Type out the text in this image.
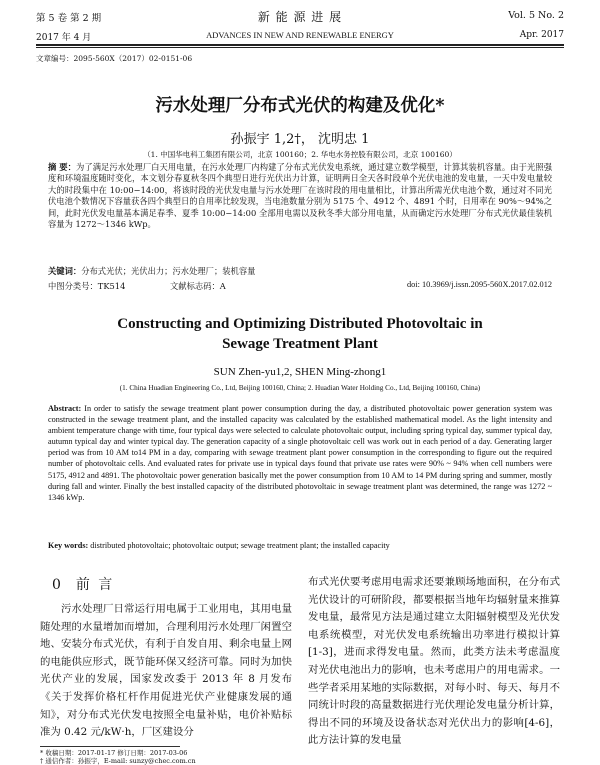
第 5 卷 第 2 期	新 能 源 进 展	Vol. 5 No. 2
2017 年 4 月	ADVANCES IN NEW AND RENEWABLE ENERGY	Apr. 2017
文章编号：2095-560X（2017）02-0151-06
污水处理厂分布式光伏的构建及优化*
孙振宇 1,2†， 沈明忠 1
（1. 中国华电科工集团有限公司，北京 100160；2. 华电水务控股有限公司，北京 100160）
摘 要：为了满足污水处理厂白天用电量，在污水处理厂内构建了分布式光伏发电系统，通过建立数学模型，计算其装机容量。由于光照强度和环境温度随时变化，本文划分春夏秋冬四个典型日进行光伏出力计算，证明两日全天各时段单个光伏电池的发电量，一天中发电量较大的时段集中在 10:00−14:00，将该时段的光伏发电量与污水处理厂在该时段的用电量相比，计算出所需光伏电池个数，通过对不同光伏电池个数情况下容量获各四个典型日的自用率比较发现，当电池数量分别为 5175 个、4912 个、4891 个时，日用率在 90%～94%之间，此时光伏发电量基本满足春季、夏季 10:00−14:00 全部用电需以及秋冬季大部分用电量，从而确定污水处理厂分布式光伏最佳装机容量为 1272～1346 kWp。
关键词：分布式光伏；光伏出力；污水处理厂；装机容量
中图分类号：TK514	文献标志码：A	doi: 10.3969/j.issn.2095-560X.2017.02.012
Constructing and Optimizing Distributed Photovoltaic in
Sewage Treatment Plant
SUN Zhen-yu1,2, SHEN Ming-zhong1
(1. China Huadian Engineering Co., Ltd, Beijing 100160, China; 2. Huadian Water Holding Co., Ltd, Beijing 100160, China)
Abstract: In order to satisfy the sewage treatment plant power consumption during the day, a distributed photovoltaic power generation system was constructed in the sewage treatment plant, and the installed capacity was calculated by the established mathematical model. As the light intensity and ambient temperature change with time, four typical days were selected to calculate photovoltaic output, including spring typical day, summer typical day, autumn typical day and winter typical day. The generation capacity of a single photovoltaic cell was work out in each period of a day. Generating larger period was from 10 AM to14 PM in a day, comparing with sewage treatment plant power consumption in the corresponding to figure out the required number of photovoltaic cells. And evaluated rates for private use in typical days found that private use rates were 90% ~ 94% when cell numbers were 5175, 4912 and 4891. The photovoltaic power generation basically met the power consumption from 10 AM to 14 PM during spring and summer, mostly during fall and winter. Finally the best installed capacity of the distributed photovoltaic in sewage treatment plant was determined, the range was 1272 ~ 1346 kWp.
Key words: distributed photovoltaic; photovoltaic output; sewage treatment plant; the installed capacity
0 前 言
污水处理厂日常运行用电属于工业用电，其用电量随处理的水量增加而增加，合理利用污水处理厂闲置空地、安装分布式光伏，有利于自发自用、剩余电量上网的电能供应形式，既节能环保又经济可靠。同时为加快光伏产业的发展，国家发改委于 2013 年 8 月发布《关于发挥价格杠杆作用促进光伏产业健康发展的通知》，对分布式光伏发电按照全电量补贴，电价补贴标准为 0.42 元/kW·h，厂区建设分
布式光伏要考虑用电需求还要兼顾场地面积，在分布式光伏设计的可研阶段，都要根据当地年均辐射量来推算发电量，最常见方法是通过建立太阳辐射模型及光伏发电系统模型，对光伏发电系统输出功率进行模拟计算[1-3]，进而求得发电量。然而，此类方法未考虑温度对光伏电池出力的影响，也未考虑用户的用电需求。一些学者采用某地的实际数据，对每小时、每天、每月不同统计时段的高量数据进行光伏理论发电量分析计算，得出不同的环境及设备状态对光伏出力的影响[4-6]，此方法计算的发电量
* 收稿日期：2017-01-17 修订日期：2017-03-06
† 通信作者：孙振宇，E-mail: sunzy@chec.com.cn
